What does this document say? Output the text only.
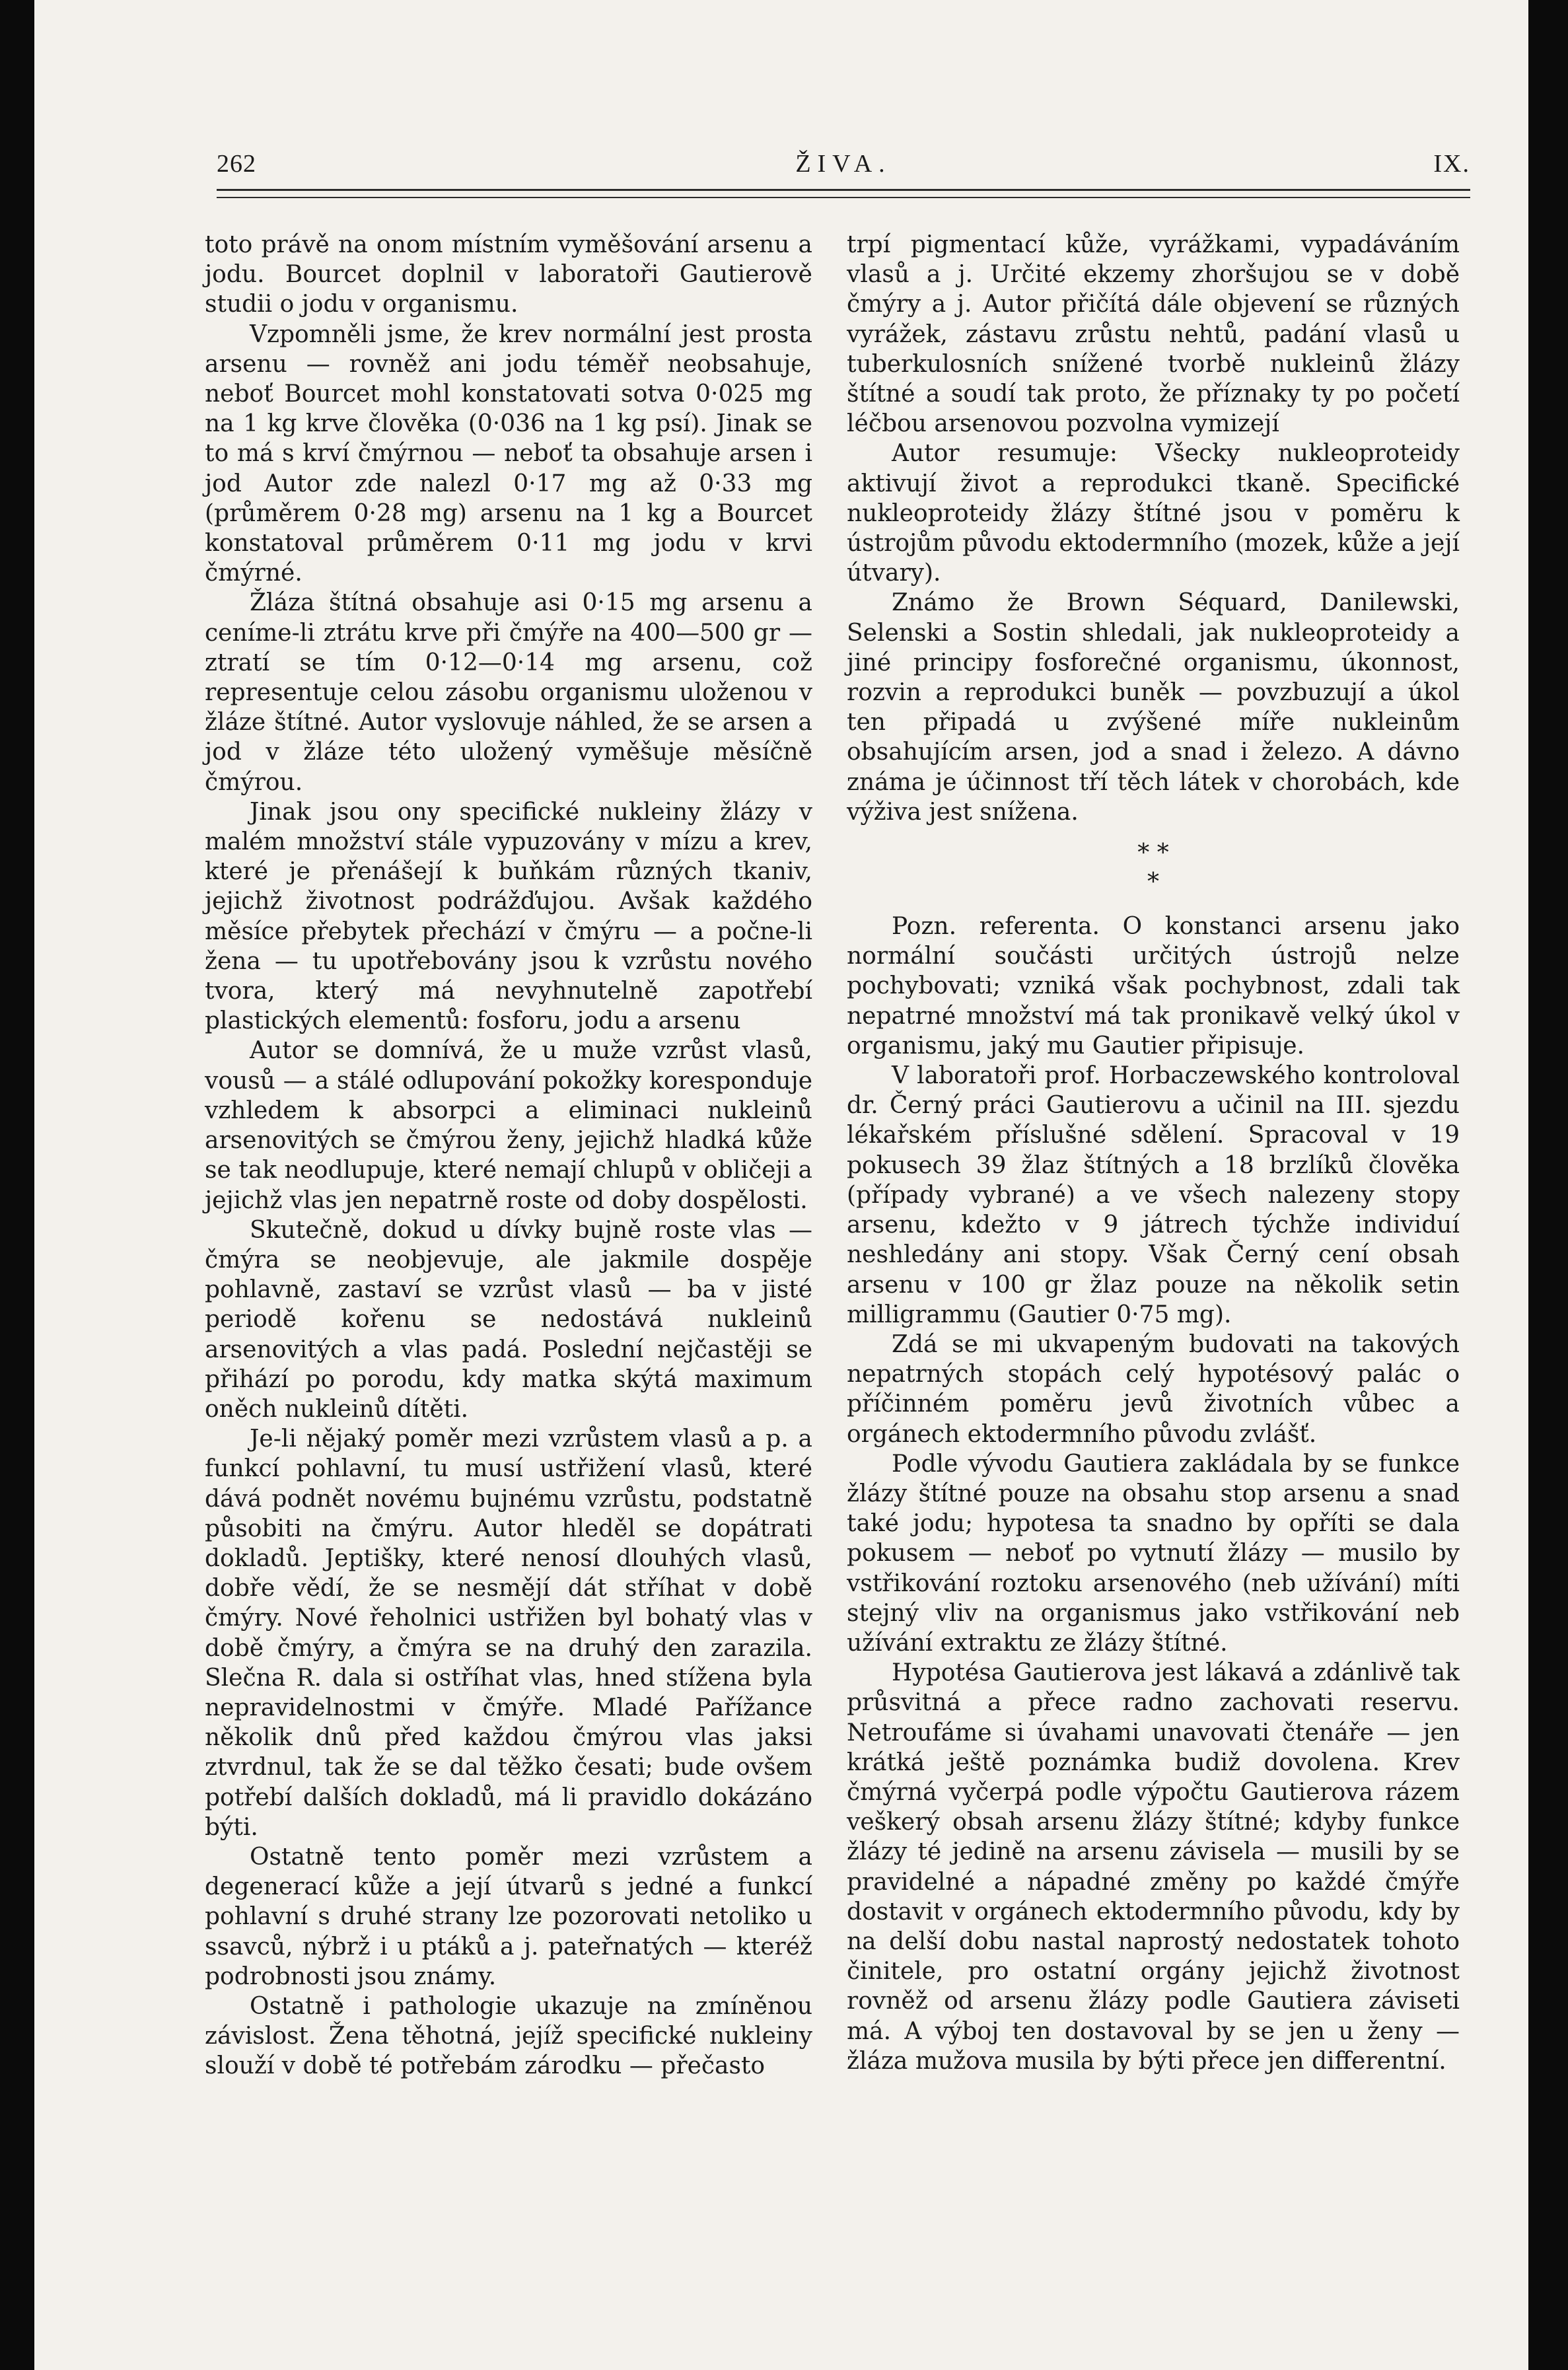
262	ŽIVA.	IX.

toto právě na onom místním vyměšování arsenu a jodu. Bourcet doplnil v laboratoři Gautierově studii o jodu v organismu.

Vzpomněli jsme, že krev normální jest prosta arsenu — rovněž ani jodu téměř neobsahuje, neboť Bourcet mohl konstatovati sotva 0·025 mg na 1 kg krve člověka (0·036 na 1 kg psí). Jinak se to má s krví čmýrnou — neboť ta obsahuje arsen i jod Autor zde nalezl 0·17 mg až 0·33 mg (průměrem 0·28 mg) arsenu na 1 kg a Bourcet konstatoval průměrem 0·11 mg jodu v krvi čmýrné.

Žláza štítná obsahuje asi 0·15 mg arsenu a ceníme-li ztrátu krve při čmýře na 400—500 gr — ztratí se tím 0·12—0·14 mg arsenu, což representuje celou zásobu organismu uloženou v žláze štítné. Autor vyslovuje náhled, že se arsen a jod v žláze této uložený vyměšuje měsíčně čmýrou.

Jinak jsou ony specifické nukleiny žlázy v malém množství stále vypuzovány v mízu a krev, které je přenášejí k buňkám různých tkaniv, jejichž životnost podrážďujou. Avšak každého měsíce přebytek přechází v čmýru — a počne-li žena — tu upotřebovány jsou k vzrůstu nového tvora, který má nevyhnutelně zapotřebí plastických elementů: fosforu, jodu a arsenu

Autor se domnívá, že u muže vzrůst vlasů, vousů — a stálé odlupování pokožky koresponduje vzhledem k absorpci a eliminaci nukleinů arsenovitých se čmýrou ženy, jejichž hladká kůže se tak neodlupuje, které nemají chlupů v obličeji a jejichž vlas jen nepatrně roste od doby dospělosti.

Skutečně, dokud u dívky bujně roste vlas — čmýra se neobjevuje, ale jakmile dospěje pohlavně, zastaví se vzrůst vlasů — ba v jisté periodě kořenu se nedostává nukleinů arsenovitých a vlas padá. Poslední nejčastěji se přihází po porodu, kdy matka skýtá maximum oněch nukleinů dítěti.

Je-li nějaký poměr mezi vzrůstem vlasů a p. a funkcí pohlavní, tu musí ustřižení vlasů, které dává podnět novému bujnému vzrůstu, podstatně působiti na čmýru. Autor hleděl se dopátrati dokladů. Jeptišky, které nenosí dlouhých vlasů, dobře vědí, že se nesmějí dát stříhat v době čmýry. Nové řeholnici ustřižen byl bohatý vlas v době čmýry, a čmýra se na druhý den zarazila. Slečna R. dala si ostříhat vlas, hned stížena byla nepravidelnostmi v čmýře. Mladé Pařížance několik dnů před každou čmýrou vlas jaksi ztvrdnul, tak že se dal těžko česati; bude ovšem potřebí dalších dokladů, má li pravidlo dokázáno býti.

Ostatně tento poměr mezi vzrůstem a degenerací kůže a její útvarů s jedné a funkcí pohlavní s druhé strany lze pozorovati netoliko u ssavců, nýbrž i u ptáků a j. pateřnatých — kteréž podrobnosti jsou známy.

Ostatně i pathologie ukazuje na zmíněnou závislost. Žena těhotná, jejíž specifické nukleiny slouží v době té potřebám zárodku — přečasto

trpí pigmentací kůže, vyrážkami, vypadáváním vlasů a j. Určité ekzemy zhoršujou se v době čmýry a j. Autor přičítá dále objevení se různých vyrážek, zástavu zrůstu nehtů, padání vlasů u tuberkulosních snížené tvorbě nukleinů žlázy štítné a soudí tak proto, že příznaky ty po početí léčbou arsenovou pozvolna vymizejí

Autor resumuje: Všecky nukleoproteidy aktivují život a reprodukci tkaně. Specifické nukleoproteidy žlázy štítné jsou v poměru k ústrojům původu ektodermního (mozek, kůže a její útvary).

Známo že Brown Séquard, Danilewski, Selenski a Sostin shledali, jak nukleoproteidy a jiné principy fosforečné organismu, úkonnost, rozvin a reprodukci buněk — povzbuzují a úkol ten připadá u zvýšené míře nukleinům obsahujícím arsen, jod a snad i železo. A dávno známa je účinnost tří těch látek v chorobách, kde výživa jest snížena.

* *
*

Pozn. referenta. O konstanci arsenu jako normální součásti určitých ústrojů nelze pochybovati; vzniká však pochybnost, zdali tak nepatrné množství má tak pronikavě velký úkol v organismu, jaký mu Gautier připisuje.

V laboratoři prof. Horbaczewského kontroloval dr. Černý práci Gautierovu a učinil na III. sjezdu lékařském příslušné sdělení. Spracoval v 19 pokusech 39 žlaz štítných a 18 brzlíků člověka (případy vybrané) a ve všech nalezeny stopy arsenu, kdežto v 9 játrech týchže individuí neshledány ani stopy. Však Černý cení obsah arsenu v 100 gr žlaz pouze na několik setin milligrammu (Gautier 0·75 mg).

Zdá se mi ukvapeným budovati na takových nepatrných stopách celý hypotésový palác o příčinném poměru jevů životních vůbec a orgánech ektodermního původu zvlášť.

Podle vývodu Gautiera zakládala by se funkce žlázy štítné pouze na obsahu stop arsenu a snad také jodu; hypotesa ta snadno by opříti se dala pokusem — neboť po vytnutí žlázy — musilo by vstřikování roztoku arsenového (neb užívání) míti stejný vliv na organismus jako vstřikování neb užívání extraktu ze žlázy štítné.

Hypotésa Gautierova jest lákavá a zdánlivě tak průsvitná a přece radno zachovati reservu. Netroufáme si úvahami unavovati čtenáře — jen krátká ještě poznámka budiž dovolena. Krev čmýrná vyčerpá podle výpočtu Gautierova rázem veškerý obsah arsenu žlázy štítné; kdyby funkce žlázy té jedině na arsenu závisela — musili by se pravidelné a nápadné změny po každé čmýře dostavit v orgánech ektodermního původu, kdy by na delší dobu nastal naprostý nedostatek tohoto činitele, pro ostatní orgány jejichž životnost rovněž od arsenu žlázy podle Gautiera záviseti má. A výboj ten dostavoval by se jen u ženy — žláza mužova musila by býti přece jen differentní.
